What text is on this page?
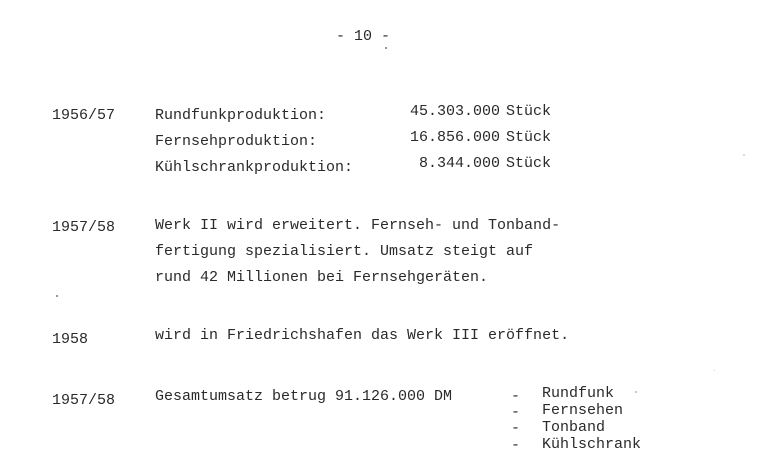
- 10 -
1956/57	Rundfunkproduktion:	45.303.000 Stück
Fernsehproduktion:	16.856.000 Stück
Kühlschrankproduktion:	8.344.000 Stück
1957/58	Werk II wird erweitert. Fernseh- und Tonband-
fertigung spezialisiert. Umsatz steigt auf
rund 42 Millionen bei Fernsehgeräten.
1958	wird in Friedrichshafen das Werk III eröffnet.
1957/58	Gesamtumsatz betrug 91.126.000 DM	- Rundfunk
- Fernsehen
- Tonband
- Kühlschrank
